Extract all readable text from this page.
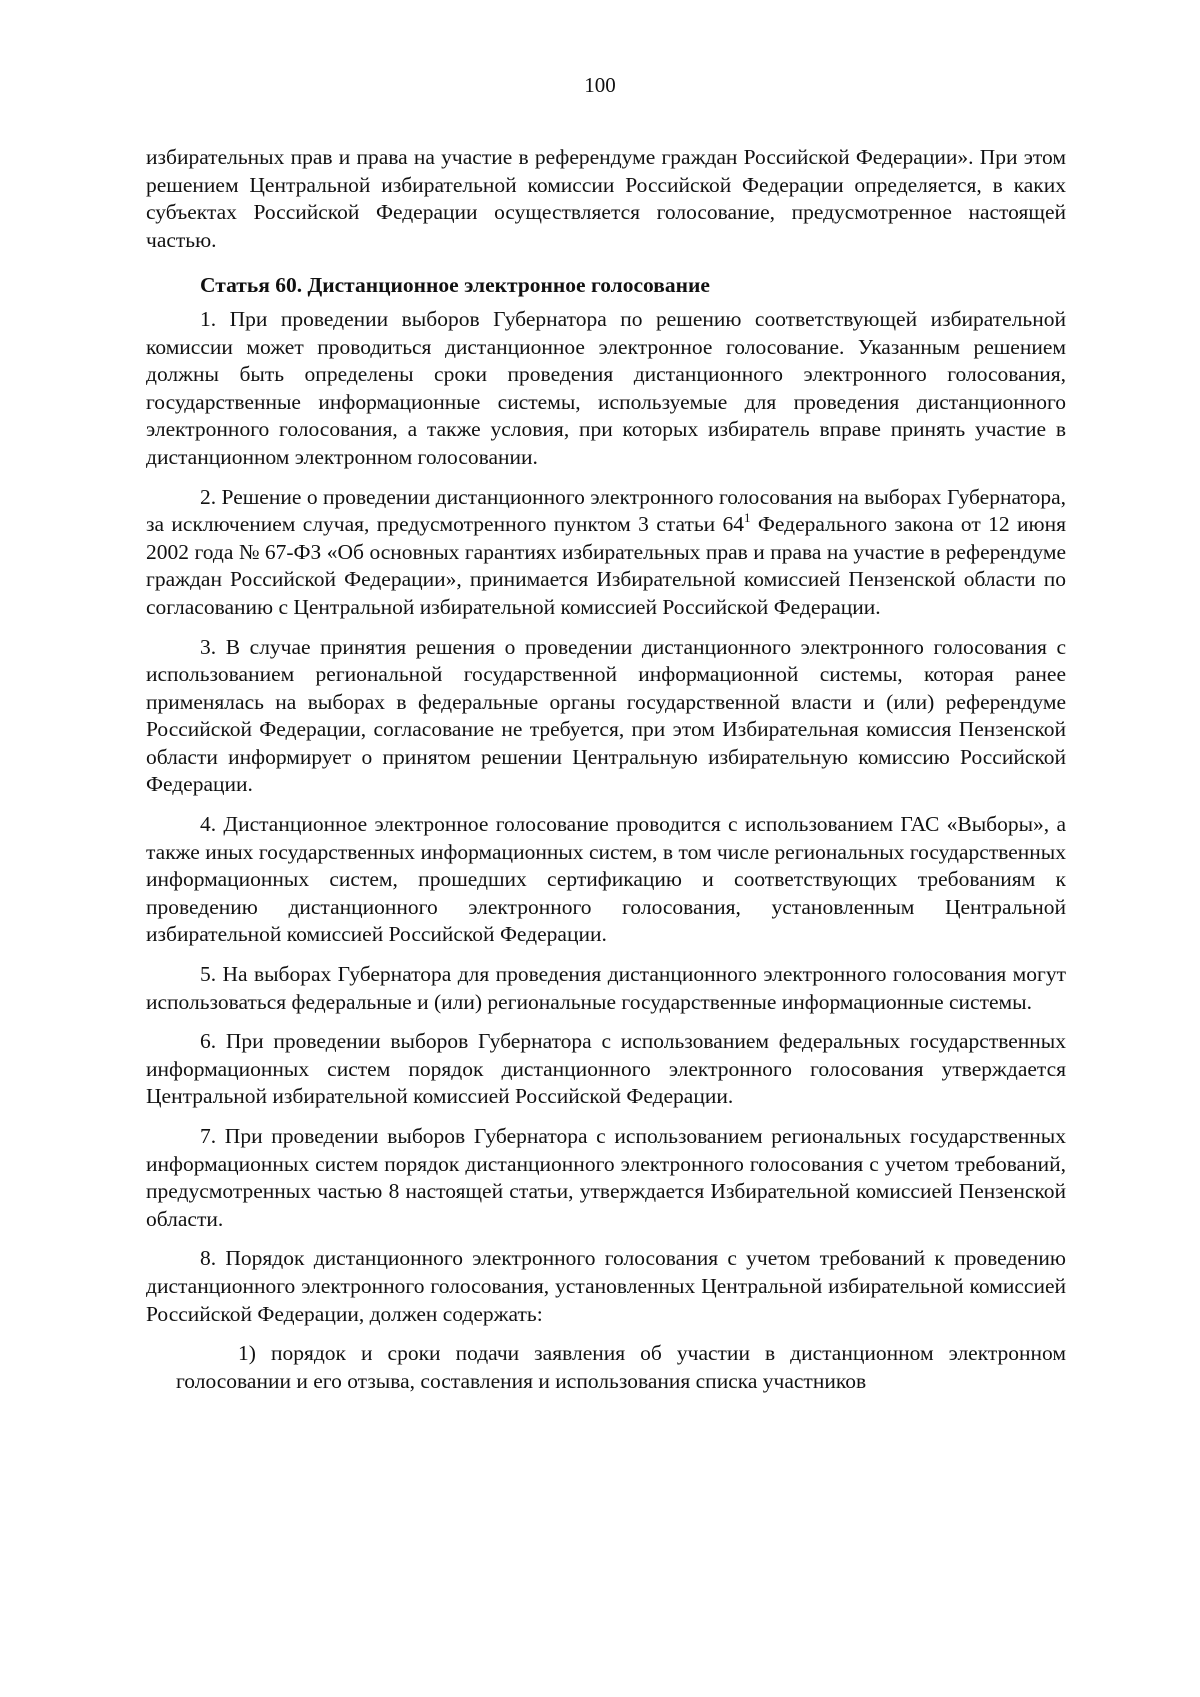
100

избирательных прав и права на участие в референдуме граждан Российской Федерации». При этом решением Центральной избирательной комиссии Российской Федерации определяется, в каких субъектах Российской Федерации осуществляется голосование, предусмотренное настоящей частью.

Статья 60. Дистанционное электронное голосование

1. При проведении выборов Губернатора по решению соответствующей избирательной комиссии может проводиться дистанционное электронное голосование. Указанным решением должны быть определены сроки проведения дистанционного электронного голосования, государственные информационные системы, используемые для проведения дистанционного электронного голосования, а также условия, при которых избиратель вправе принять участие в дистанционном электронном голосовании.

2. Решение о проведении дистанционного электронного голосования на выборах Губернатора, за исключением случая, предусмотренного пунктом 3 статьи $64^1$ Федерального закона от 12 июня 2002 года № 67-ФЗ «Об основных гарантиях избирательных прав и права на участие в референдуме граждан Российской Федерации», принимается Избирательной комиссией Пензенской области по согласованию с Центральной избирательной комиссией Российской Федерации.

3. В случае принятия решения о проведении дистанционного электронного голосования с использованием региональной государственной информационной системы, которая ранее применялась на выборах в федеральные органы государственной власти и (или) референдуме Российской Федерации, согласование не требуется, при этом Избирательная комиссия Пензенской области информирует о принятом решении Центральную избирательную комиссию Российской Федерации.

4. Дистанционное электронное голосование проводится с использованием ГАС «Выборы», а также иных государственных информационных систем, в том числе региональных государственных информационных систем, прошедших сертификацию и соответствующих требованиям к проведению дистанционного электронного голосования, установленным Центральной избирательной комиссией Российской Федерации.

5. На выборах Губернатора для проведения дистанционного электронного голосования могут использоваться федеральные и (или) региональные государственные информационные системы.

6. При проведении выборов Губернатора с использованием федеральных государственных информационных систем порядок дистанционного электронного голосования утверждается Центральной избирательной комиссией Российской Федерации.

7. При проведении выборов Губернатора с использованием региональных государственных информационных систем порядок дистанционного электронного голосования с учетом требований, предусмотренных частью 8 настоящей статьи, утверждается Избирательной комиссией Пензенской области.

8. Порядок дистанционного электронного голосования с учетом требований к проведению дистанционного электронного голосования, установленных Центральной избирательной комиссией Российской Федерации, должен содержать:

1) порядок и сроки подачи заявления об участии в дистанционном электронном голосовании и его отзыва, составления и использования списка участников
